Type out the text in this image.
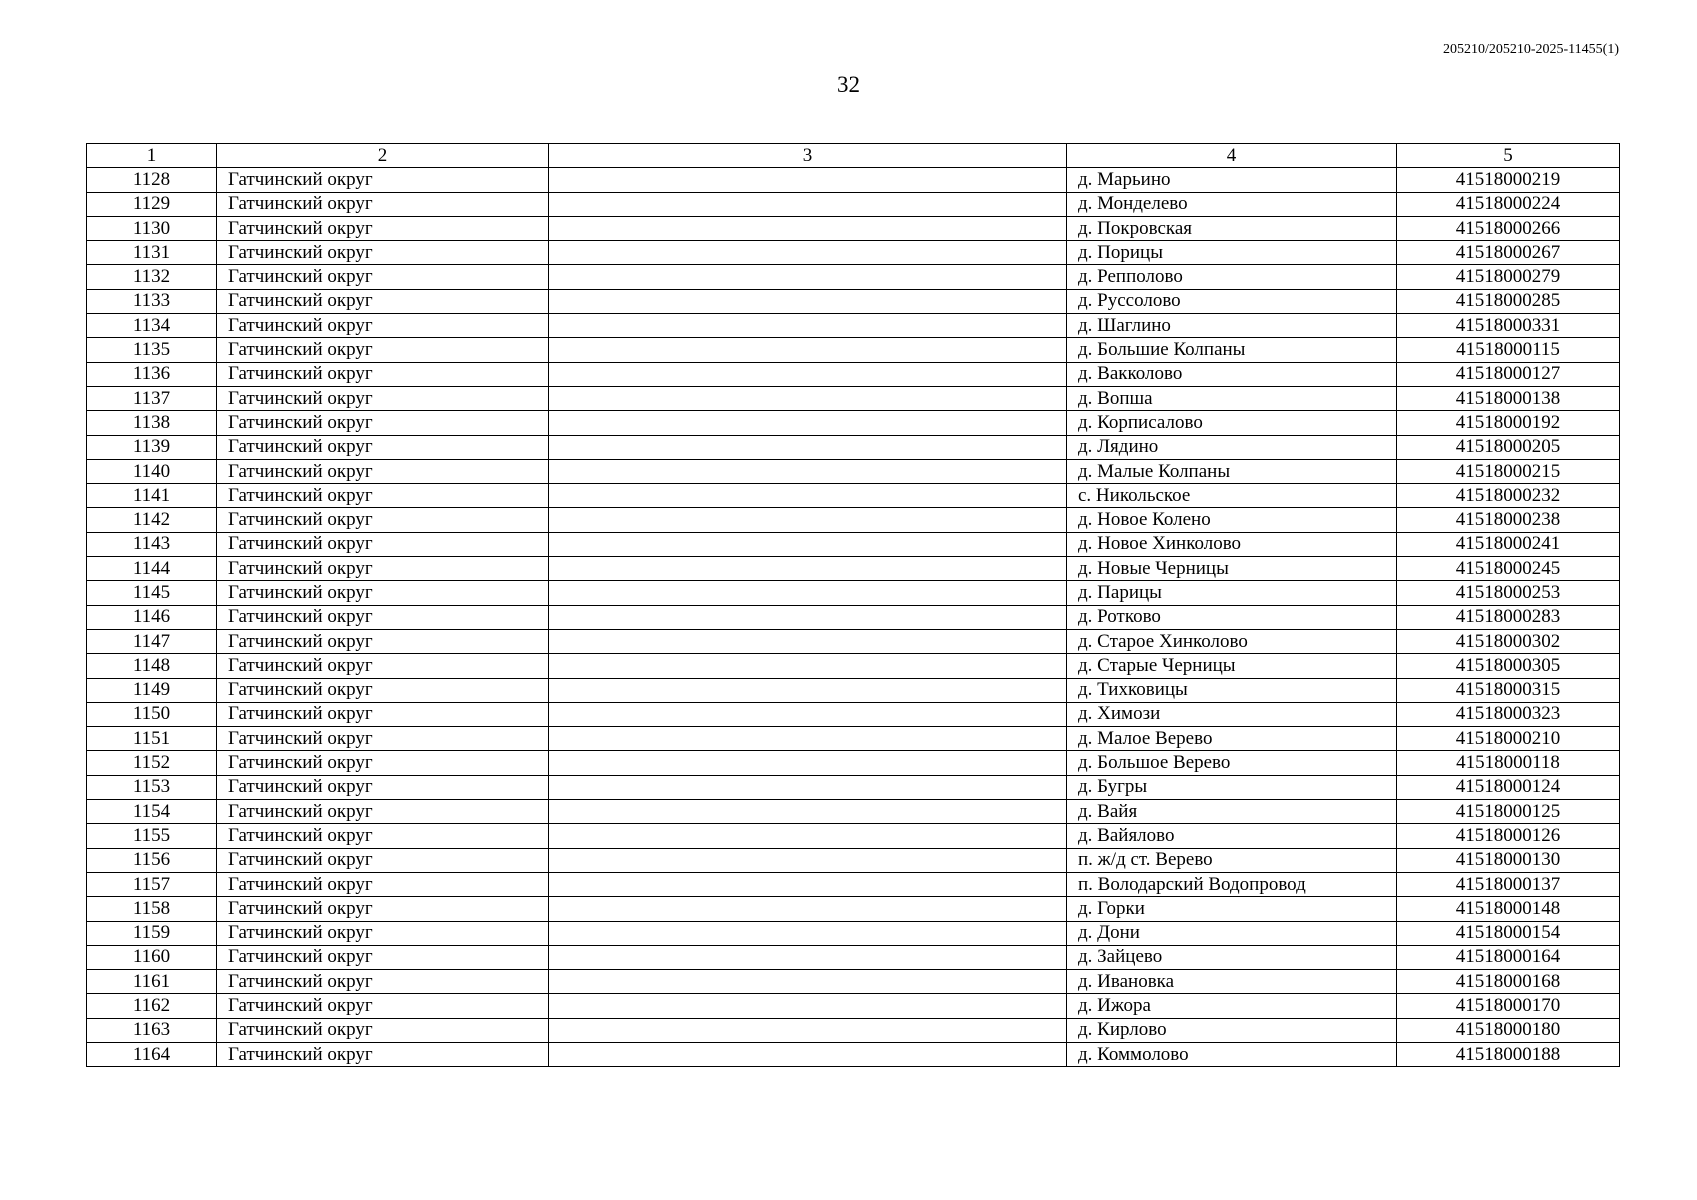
205210/205210-2025-11455(1)
32
1	2	3	4	5
1128	Гатчинский округ		д. Марьино	41518000219
1129	Гатчинский округ		д. Монделево	41518000224
1130	Гатчинский округ		д. Покровская	41518000266
1131	Гатчинский округ		д. Порицы	41518000267
1132	Гатчинский округ		д. Репполово	41518000279
1133	Гатчинский округ		д. Руссолово	41518000285
1134	Гатчинский округ		д. Шаглино	41518000331
1135	Гатчинский округ		д. Большие Колпаны	41518000115
1136	Гатчинский округ		д. Вакколово	41518000127
1137	Гатчинский округ		д. Вопша	41518000138
1138	Гатчинский округ		д. Корписалово	41518000192
1139	Гатчинский округ		д. Лядино	41518000205
1140	Гатчинский округ		д. Малые Колпаны	41518000215
1141	Гатчинский округ		с. Никольское	41518000232
1142	Гатчинский округ		д. Новое Колено	41518000238
1143	Гатчинский округ		д. Новое Хинколово	41518000241
1144	Гатчинский округ		д. Новые Черницы	41518000245
1145	Гатчинский округ		д. Парицы	41518000253
1146	Гатчинский округ		д. Ротково	41518000283
1147	Гатчинский округ		д. Старое Хинколово	41518000302
1148	Гатчинский округ		д. Старые Черницы	41518000305
1149	Гатчинский округ		д. Тихковицы	41518000315
1150	Гатчинский округ		д. Химози	41518000323
1151	Гатчинский округ		д. Малое Верево	41518000210
1152	Гатчинский округ		д. Большое Верево	41518000118
1153	Гатчинский округ		д. Бугры	41518000124
1154	Гатчинский округ		д. Вайя	41518000125
1155	Гатчинский округ		д. Вайялово	41518000126
1156	Гатчинский округ		п. ж/д ст. Верево	41518000130
1157	Гатчинский округ		п. Володарский Водопровод	41518000137
1158	Гатчинский округ		д. Горки	41518000148
1159	Гатчинский округ		д. Дони	41518000154
1160	Гатчинский округ		д. Зайцево	41518000164
1161	Гатчинский округ		д. Ивановка	41518000168
1162	Гатчинский округ		д. Ижора	41518000170
1163	Гатчинский округ		д. Кирлово	41518000180
1164	Гатчинский округ		д. Коммолово	41518000188
